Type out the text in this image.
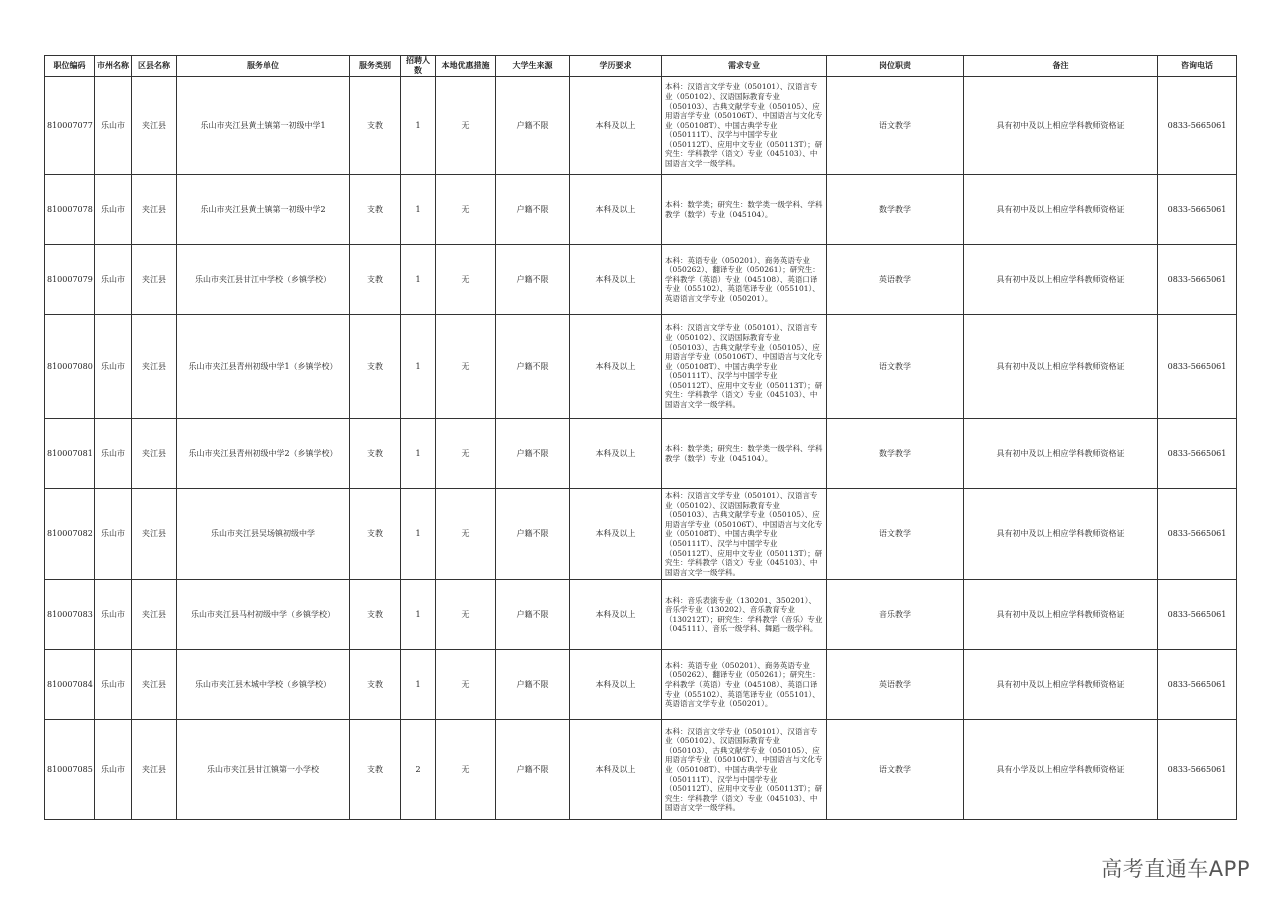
职位编码	市州名称	区县名称	服务单位	服务类别	招聘人数	本地优惠措施	大学生来源	学历要求	需求专业	岗位职责	备注	咨询电话
810007077	乐山市	夹江县	乐山市夹江县黄土镇第一初级中学1	支教	1	无	户籍不限	本科及以上	本科：汉语言文学专业（050101）、汉语言专业（050102）、汉语国际教育专业（050103）、古典文献学专业（050105）、应用语言学专业（050106T）、中国语言与文化专业（050108T）、中国古典学专业（050111T）、汉学与中国学专业（050112T）、应用中文专业（050113T）；研究生：学科教学（语文）专业（045103）、中国语言文学一级学科。	语文教学	具有初中及以上相应学科教师资格证	0833-5665061
810007078	乐山市	夹江县	乐山市夹江县黄土镇第一初级中学2	支教	1	无	户籍不限	本科及以上	本科：数学类；研究生：数学类一级学科、学科教学（数学）专业（045104）。	数学教学	具有初中及以上相应学科教师资格证	0833-5665061
810007079	乐山市	夹江县	乐山市夹江县甘江中学校（乡镇学校）	支教	1	无	户籍不限	本科及以上	本科：英语专业（050201）、商务英语专业（050262）、翻译专业（050261）；研究生：学科教学（英语）专业（045108）、英语口译专业（055102）、英语笔译专业（055101）、英语语言文学专业（050201）。	英语教学	具有初中及以上相应学科教师资格证	0833-5665061
810007080	乐山市	夹江县	乐山市夹江县青州初级中学1（乡镇学校）	支教	1	无	户籍不限	本科及以上	本科：汉语言文学专业（050101）、汉语言专业（050102）、汉语国际教育专业（050103）、古典文献学专业（050105）、应用语言学专业（050106T）、中国语言与文化专业（050108T）、中国古典学专业（050111T）、汉学与中国学专业（050112T）、应用中文专业（050113T）；研究生：学科教学（语文）专业（045103）、中国语言文学一级学科。	语文教学	具有初中及以上相应学科教师资格证	0833-5665061
810007081	乐山市	夹江县	乐山市夹江县青州初级中学2（乡镇学校）	支教	1	无	户籍不限	本科及以上	本科：数学类；研究生：数学类一级学科、学科教学（数学）专业（045104）。	数学教学	具有初中及以上相应学科教师资格证	0833-5665061
810007082	乐山市	夹江县	乐山市夹江县吴场镇初级中学	支教	1	无	户籍不限	本科及以上	本科：汉语言文学专业（050101）、汉语言专业（050102）、汉语国际教育专业（050103）、古典文献学专业（050105）、应用语言学专业（050106T）、中国语言与文化专业（050108T）、中国古典学专业（050111T）、汉学与中国学专业（050112T）、应用中文专业（050113T）；研究生：学科教学（语文）专业（045103）、中国语言文学一级学科。	语文教学	具有初中及以上相应学科教师资格证	0833-5665061
810007083	乐山市	夹江县	乐山市夹江县马村初级中学（乡镇学校）	支教	1	无	户籍不限	本科及以上	本科：音乐表演专业（130201、350201）、音乐学专业（130202）、音乐教育专业（130212T）；研究生：学科教学（音乐）专业（045111）、音乐一级学科、舞蹈一级学科。	音乐教学	具有初中及以上相应学科教师资格证	0833-5665061
810007084	乐山市	夹江县	乐山市夹江县木城中学校（乡镇学校）	支教	1	无	户籍不限	本科及以上	本科：英语专业（050201）、商务英语专业（050262）、翻译专业（050261）；研究生：学科教学（英语）专业（045108）、英语口译专业（055102）、英语笔译专业（055101）、英语语言文学专业（050201）。	英语教学	具有初中及以上相应学科教师资格证	0833-5665061
810007085	乐山市	夹江县	乐山市夹江县甘江镇第一小学校	支教	2	无	户籍不限	本科及以上	本科：汉语言文学专业（050101）、汉语言专业（050102）、汉语国际教育专业（050103）、古典文献学专业（050105）、应用语言学专业（050106T）、中国语言与文化专业（050108T）、中国古典学专业（050111T）、汉学与中国学专业（050112T）、应用中文专业（050113T）；研究生：学科教学（语文）专业（045103）、中国语言文学一级学科。	语文教学	具有小学及以上相应学科教师资格证	0833-5665061
高考直通车APP
